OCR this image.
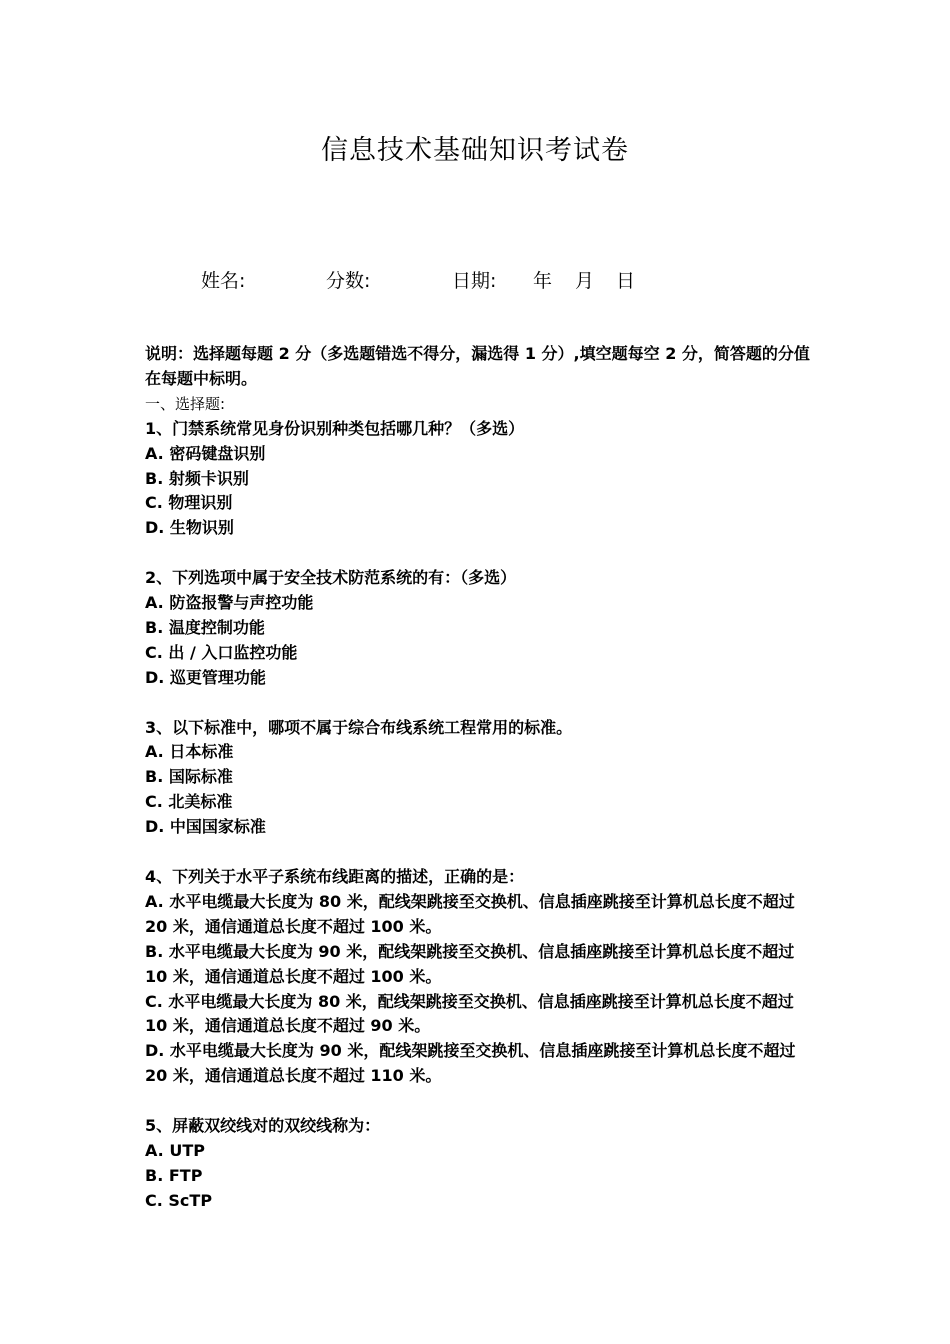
信息技术基础知识考试卷
姓名:	分数:	日期: 年 月 日

说明：选择题每题 2 分（多选题错选不得分，漏选得 1 分）,填空题每空 2 分，简答题的分值在每题中标明。

一、选择题:

1、门禁系统常见身份识别种类包括哪几种？（多选）

A. 密码键盘识别

B. 射频卡识别

C. 物理识别

D. 生物识别

2、下列选项中属于安全技术防范系统的有：（多选）

A. 防盗报警与声控功能

B. 温度控制功能

C. 出 / 入口监控功能

D. 巡更管理功能

3、以下标准中，哪项不属于综合布线系统工程常用的标准。

A. 日本标准

B. 国际标准

C. 北美标准

D. 中国国家标准

4、下列关于水平子系统布线距离的描述，正确的是：

A. 水平电缆最大长度为 80 米，配线架跳接至交换机、信息插座跳接至计算机总长度不超过 20 米，通信通道总长度不超过 100 米。

B. 水平电缆最大长度为 90 米，配线架跳接至交换机、信息插座跳接至计算机总长度不超过 10 米，通信通道总长度不超过 100 米。

C. 水平电缆最大长度为 80 米，配线架跳接至交换机、信息插座跳接至计算机总长度不超过 10 米，通信通道总长度不超过 90 米。

D. 水平电缆最大长度为 90 米，配线架跳接至交换机、信息插座跳接至计算机总长度不超过 20 米，通信通道总长度不超过 110 米。

5、屏蔽双绞线对的双绞线称为：

A. UTP

B. FTP

C. ScTP
